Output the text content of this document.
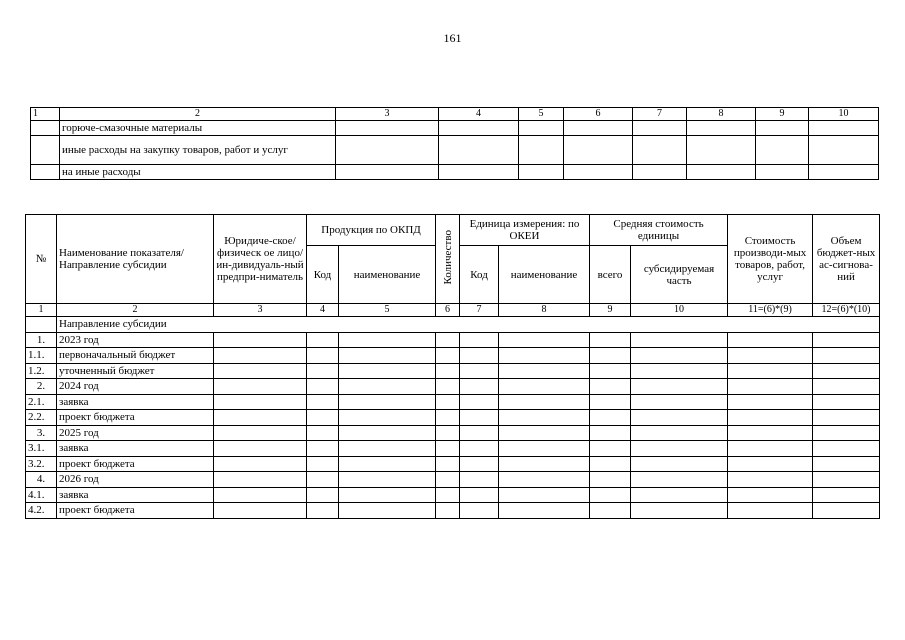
161
1	2	3	4	5	6	7	8	9	10
	горюче-смазочные материалы								
	иные расходы на закупку товаров, работ и услуг								
	на иные расходы								
№	Наименование показателя/ Направление субсидии	Юридиче-ское/физическ ое лицо/ ин-дивидуаль-ный предпри-ниматель	Продукция по ОКПД		Количество	Единица измерения: по ОКЕИ		Средняя стоимость единицы		Стоимость производи-мых товаров, работ, услуг	Объем бюджет-ных ас-сигнова-ний
			Код	наименование		Код	наименование	всего	субсидируемая часть		
1	2	3	4	5	6	7	8	9	10	11=(6)*(9)	12=(6)*(10)
	Направление субсидии										
1.	2023 год										
1.1.	первоначальный бюджет										
1.2.	уточненный бюджет										
2.	2024 год										
2.1.	заявка										
2.2.	проект бюджета										
3.	2025 год										
3.1.	заявка										
3.2.	проект бюджета										
4.	2026 год										
4.1.	заявка										
4.2.	проект бюджета										
